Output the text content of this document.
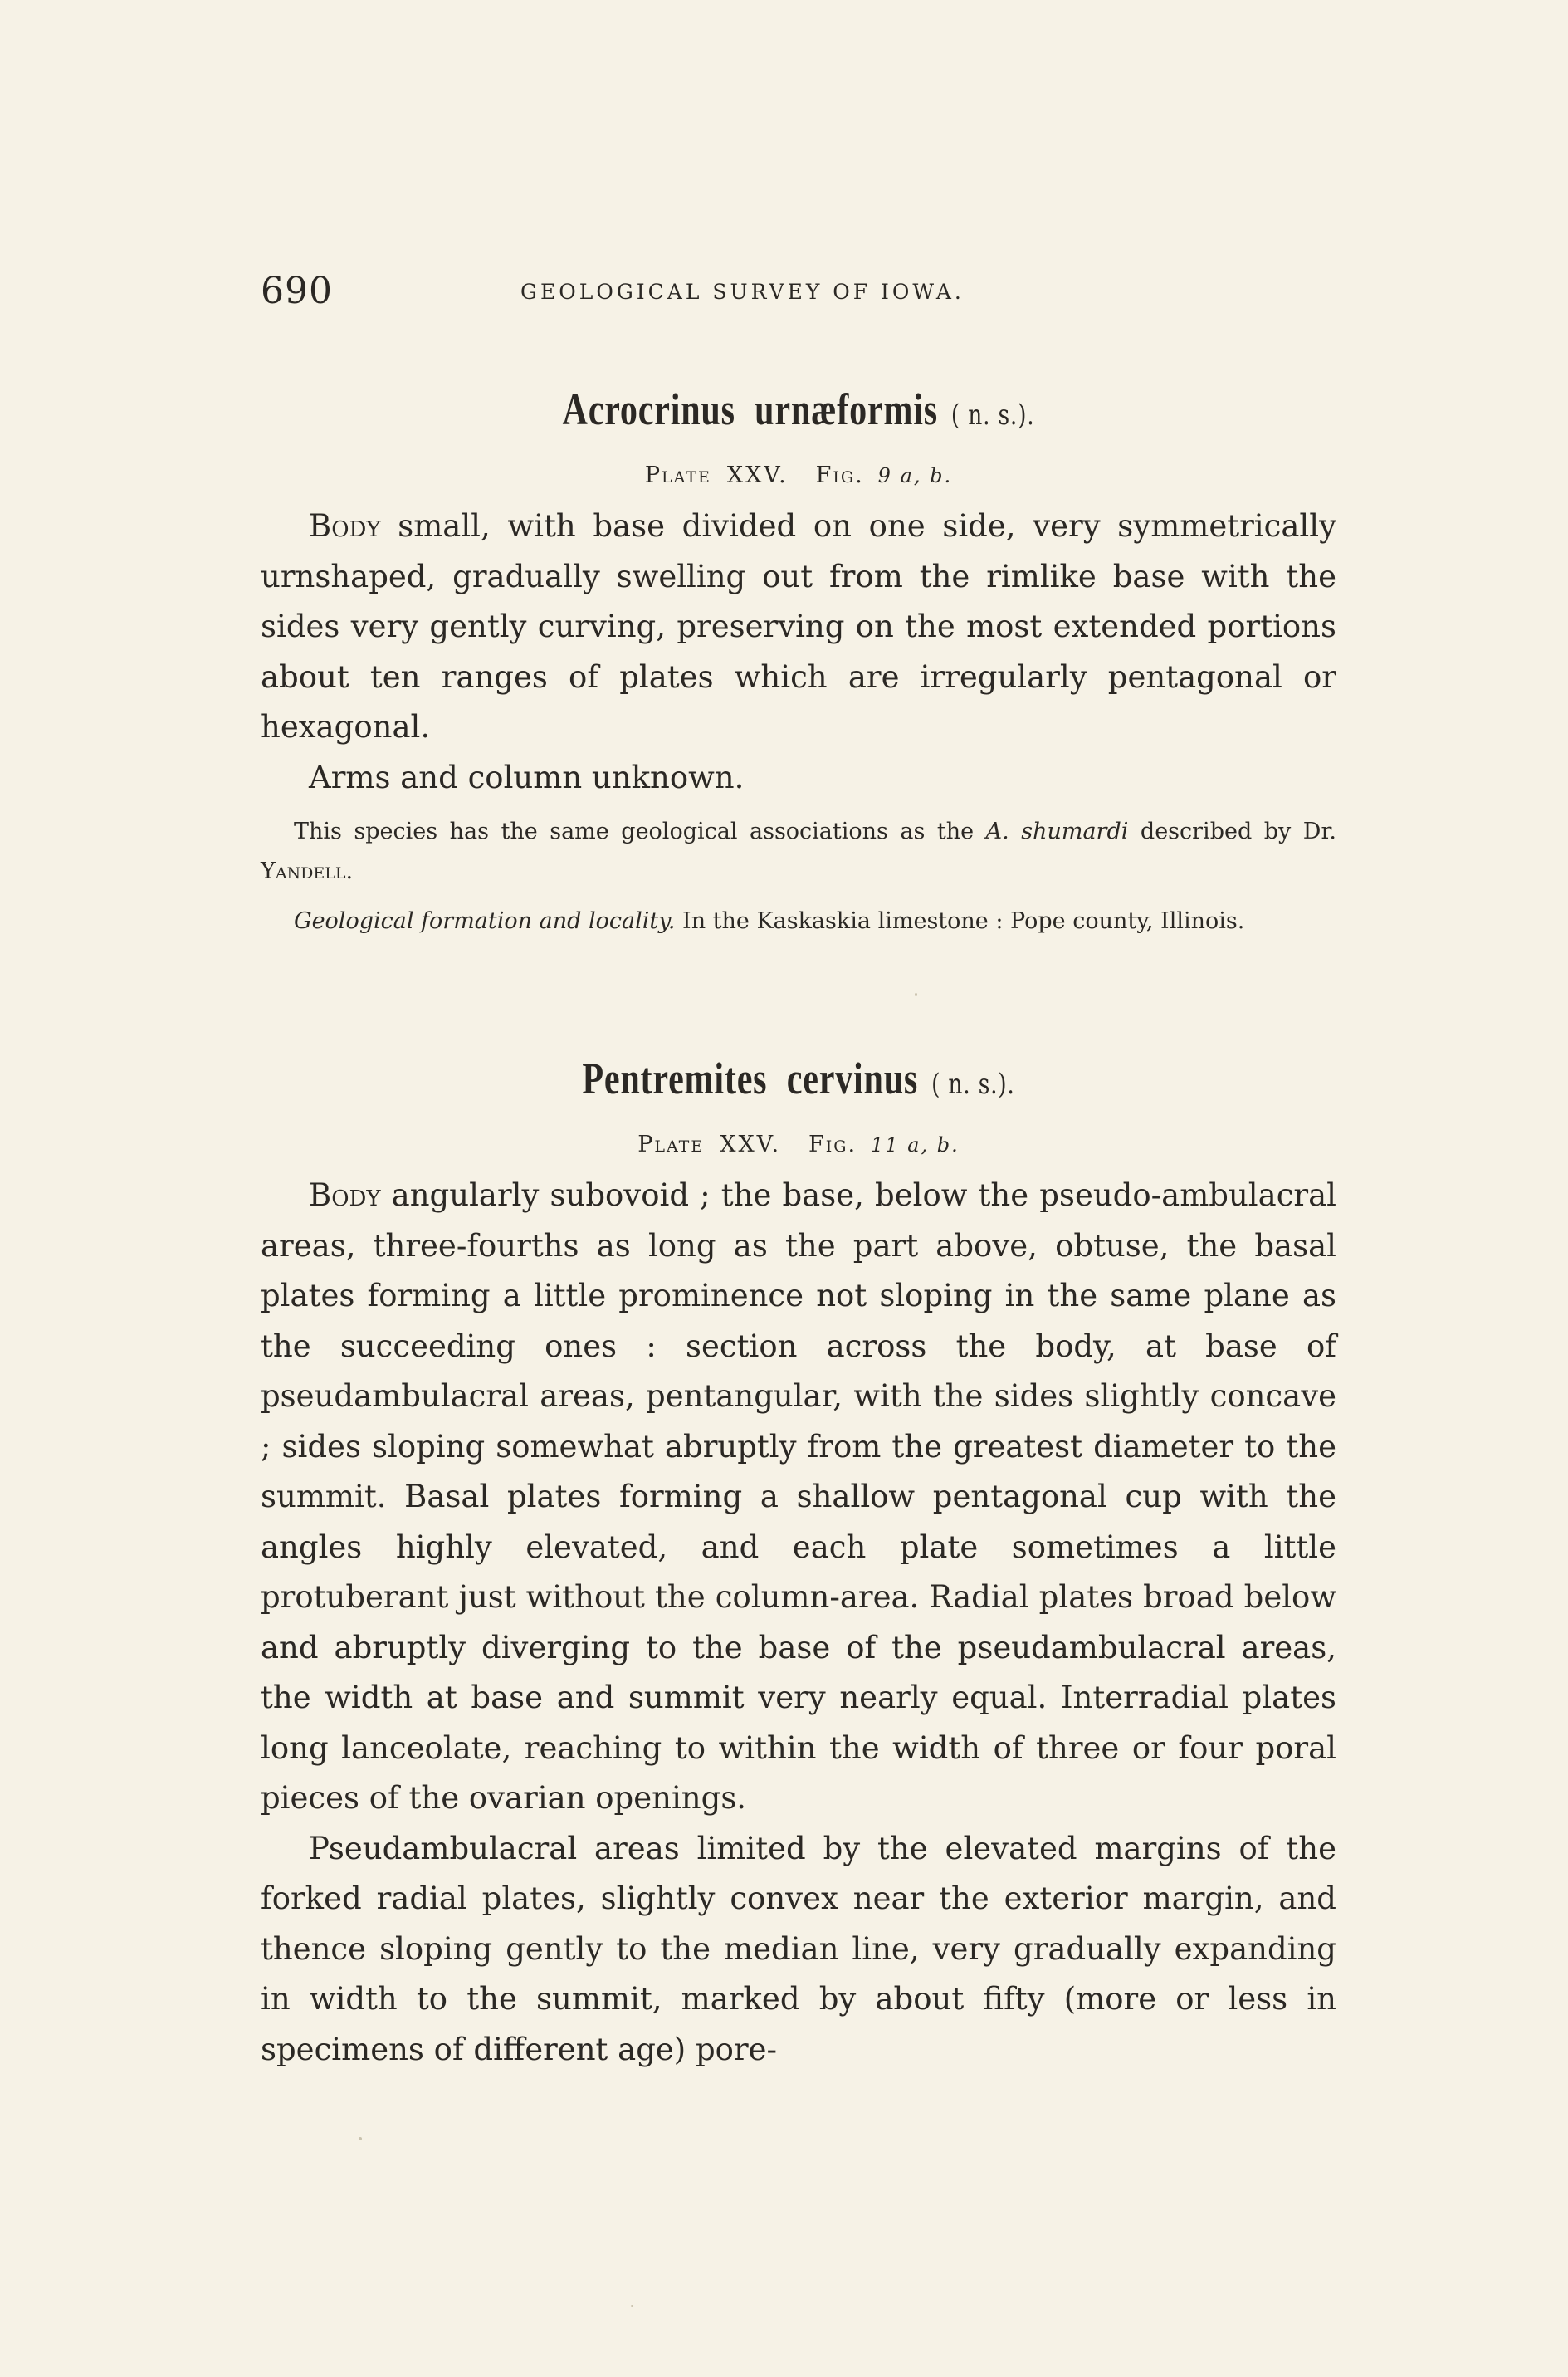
690	GEOLOGICAL SURVEY OF IOWA.
Acrocrinus urnæformis ( n. s.).
Plate XXV. Fig. 9 a, b.

Body small, with base divided on one side, very symmetrically urnshaped, gradually swelling out from the rimlike base with the sides very gently curving, preserving on the most extended portions about ten ranges of plates which are irregularly pentagonal or hexagonal.

Arms and column unknown.

This species has the same geological associations as the A. shumardi described by Dr. Yandell.

Geological formation and locality. In the Kaskaskia limestone : Pope county, Illinois.

Pentremites cervinus ( n. s.).
Plate XXV. Fig. 11 a, b.

Body angularly subovoid ; the base, below the pseudo-ambulacral areas, three-fourths as long as the part above, obtuse, the basal plates forming a little prominence not sloping in the same plane as the succeeding ones : section across the body, at base of pseudambulacral areas, pentangular, with the sides slightly concave ; sides sloping somewhat abruptly from the greatest diameter to the summit. Basal plates forming a shallow pentagonal cup with the angles highly elevated, and each plate sometimes a little protuberant just without the column-area. Radial plates broad below and abruptly diverging to the base of the pseudambulacral areas, the width at base and summit very nearly equal. Interradial plates long lanceolate, reaching to within the width of three or four poral pieces of the ovarian openings.

Pseudambulacral areas limited by the elevated margins of the forked radial plates, slightly convex near the exterior margin, and thence sloping gently to the median line, very gradually expanding in width to the summit, marked by about fifty (more or less in specimens of different age) pore-
